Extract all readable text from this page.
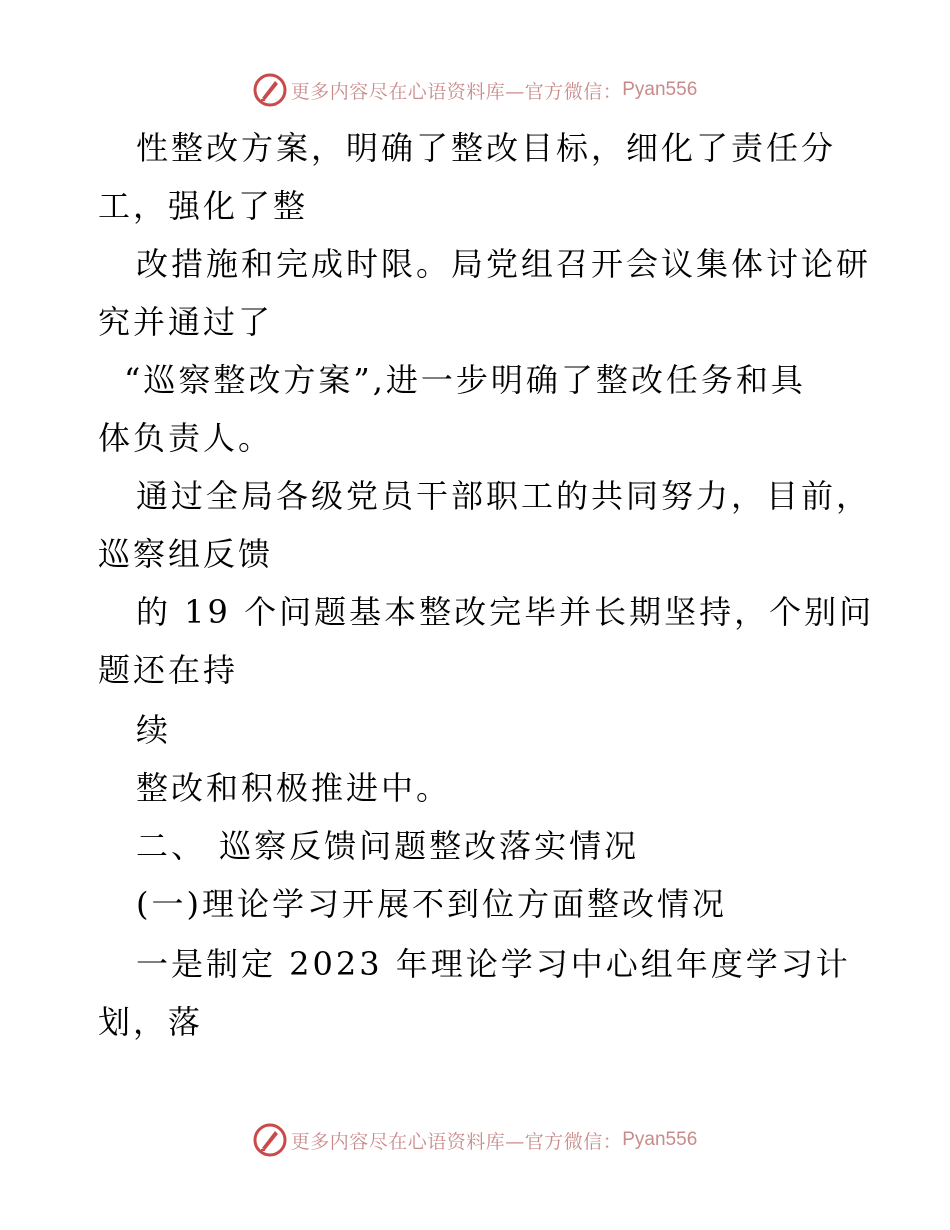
更多内容尽在心语资料库—官方微信： Pyan556
性整改方案，明确了整改目标，细化了责任分
工，强化了整
改措施和完成时限。局党组召开会议集体讨论研
究并通过了
“巡察整改方案”,进一步明确了整改任务和具
体负责人。
通过全局各级党员干部职工的共同努力，目前，
巡察组反馈
的 19 个问题基本整改完毕并长期坚持，个别问
题还在持
续
整改和积极推进中。
二、 巡察反馈问题整改落实情况
(一)理论学习开展不到位方面整改情况
一是制定 2023 年理论学习中心组年度学习计
划，落
更多内容尽在心语资料库—官方微信： Pyan556
